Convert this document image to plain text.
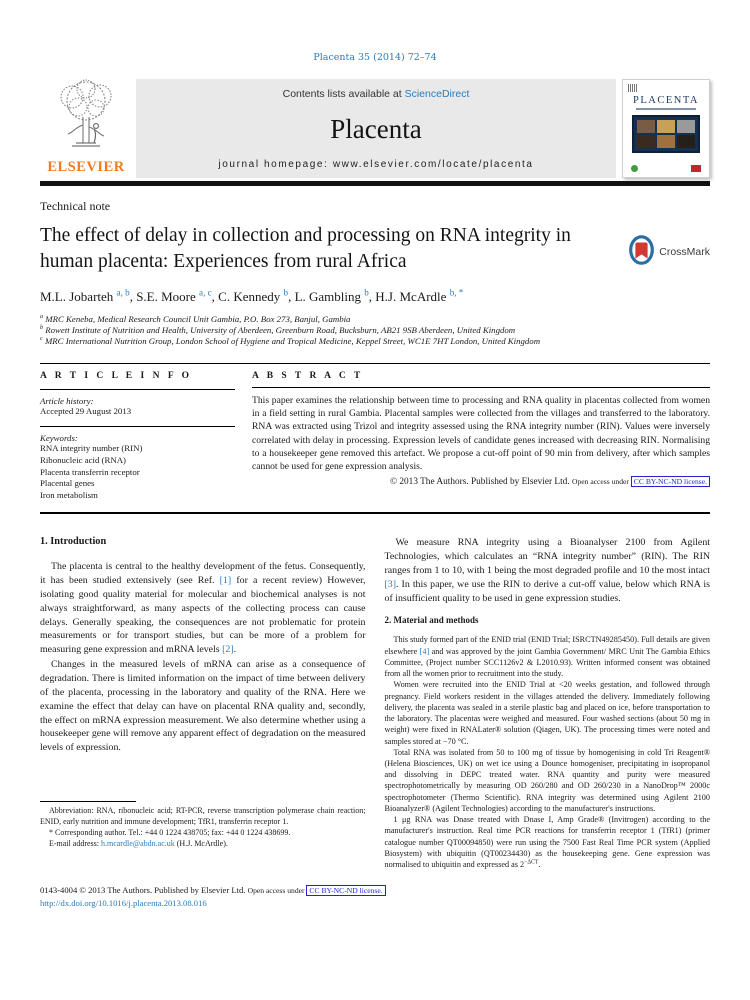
Placenta 35 (2014) 72–74
ELSEVIER
Contents lists available at ScienceDirect
Placenta
journal homepage: www.elsevier.com/locate/placenta
PLACENTA
Technical note
The effect of delay in collection and processing on RNA integrity in human placenta: Experiences from rural Africa	CrossMark
M.L. Jobarteh $^{a, b}$, S.E. Moore $^{a, c}$, C. Kennedy $^b$, L. Gambling $^b$, H.J. McArdle $^{b, *}$
$^a$ MRC Keneba, Medical Research Council Unit Gambia, P.O. Box 273, Banjul, Gambia
$^b$ Rowett Institute of Nutrition and Health, University of Aberdeen, Greenburn Road, Bucksburn, AB21 9SB Aberdeen, United Kingdom
$^c$ MRC International Nutrition Group, London School of Hygiene and Tropical Medicine, Keppel Street, WC1E 7HT London, United Kingdom
A R T I C L E I N F O
Article history:
Accepted 29 August 2013
Keywords:
RNA integrity number (RIN)
Ribonucleic acid (RNA)
Placenta transferrin receptor
Placental genes
Iron metabolism
A B S T R A C T
This paper examines the relationship between time to processing and RNA quality in placentas collected from women in a field setting in rural Gambia. Placental samples were collected from the villages and transferred to the laboratory. RNA was extracted using Trizol and integrity assessed using the RNA integrity number (RIN). Values were inversely correlated with delay in processing. Expression levels of candidate genes increased with decreasing RIN. Normalising to a housekeeper gene removed this artefact. We propose a cut-off point of 90 min from delivery, after which samples cannot be used for gene expression analysis.
© 2013 The Authors. Published by Elsevier Ltd. Open access under CC BY-NC-ND license.
1. Introduction

The placenta is central to the healthy development of the fetus. Consequently, it has been studied extensively (see Ref. [1] for a recent review) However, isolating good quality material for molecular and biochemical analyses is not always straightforward, as many aspects of the collecting process can cause delays. Generally speaking, the consequences are not problematic for protein measurements or for transport studies, but can be more of a problem for measuring gene expression and mRNA levels [2].

Changes in the measured levels of mRNA can arise as a consequence of degradation. There is limited information on the impact of time between delivery of the placenta, processing in the laboratory and quality of the RNA. Here we examine the effect that delay can have on placental RNA quality and, secondly, the effect on mRNA expression measurement. We also determine whether using a housekeeper gene will remove any apparent effect of degradation on the measured levels of expression.

Abbreviation: RNA, ribonucleic acid; RT-PCR, reverse transcription polymerase chain reaction; ENID, early nutrition and immune development; TfR1, transferrin receptor 1.

* Corresponding author. Tel.: +44 0 1224 438705; fax: +44 0 1224 438699.

E-mail address: h.mcardle@abdn.ac.uk (H.J. McArdle).

We measure RNA integrity using a Bioanalyser 2100 from Agilent Technologies, which calculates an “RNA integrity number” (RIN). The RIN ranges from 1 to 10, with 1 being the most degraded profile and 10 the most intact [3]. In this paper, we use the RIN to derive a cut-off value, below which RNA is of insufficient quality to be used in gene expression studies.

2. Material and methods

This study formed part of the ENID trial (ENID Trial; ISRCTN49285450). Full details are given elsewhere [4] and was approved by the joint Gambia Government/ MRC Unit The Gambia Ethics Committee, (Project number SCC1126v2 & L2010.93). Written informed consent was obtained from all the women prior to recruitment into the study.

Women were recruited into the ENID Trial at <20 weeks gestation, and followed through pregnancy. Field workers resident in the villages attended the delivery. Immediately following delivery, the placenta was sealed in a sterile plastic bag and placed on ice, before transportation to the laboratory. The placentas were weighed and measured. Four washed sections (about 50 mg in weight) were fixed in RNALater® solution (Qiagen, UK). The processing times were noted and samples stored at −70 °C.

Total RNA was isolated from 50 to 100 mg of tissue by homogenising in cold Tri Reagent® (Helena Biosciences, UK) on wet ice using a Dounce homogeniser, precipitating in isopropanol and dissolving in DEPC treated water. RNA quantity and purity were measured spectrophotometrically by measuring OD 260/280 and OD 260/230 in a NanoDrop™ 2000c spectrophotometer (Thermo Scientific). RNA integrity was determined using Agilent 2100 Bioanalyzer® (Agilent Technologies) according to the manufacturer's instructions.

1 μg RNA was Dnase treated with Dnase I, Amp Grade® (Invitrogen) according to the manufacturer's instruction. Real time PCR reactions for transferrin receptor 1 (TfR1) (primer catalogue number QT00094850) were run using the 7500 Fast Real Time PCR system (Applied Biosystem) with ubiquitin (QT00234430) as the housekeeping gene. Gene expression was normalised to ubiquitin and expressed as $2^{-\Delta CT}$.

0143-4004 © 2013 The Authors. Published by Elsevier Ltd. Open access under CC BY-NC-ND license.
http://dx.doi.org/10.1016/j.placenta.2013.08.016
